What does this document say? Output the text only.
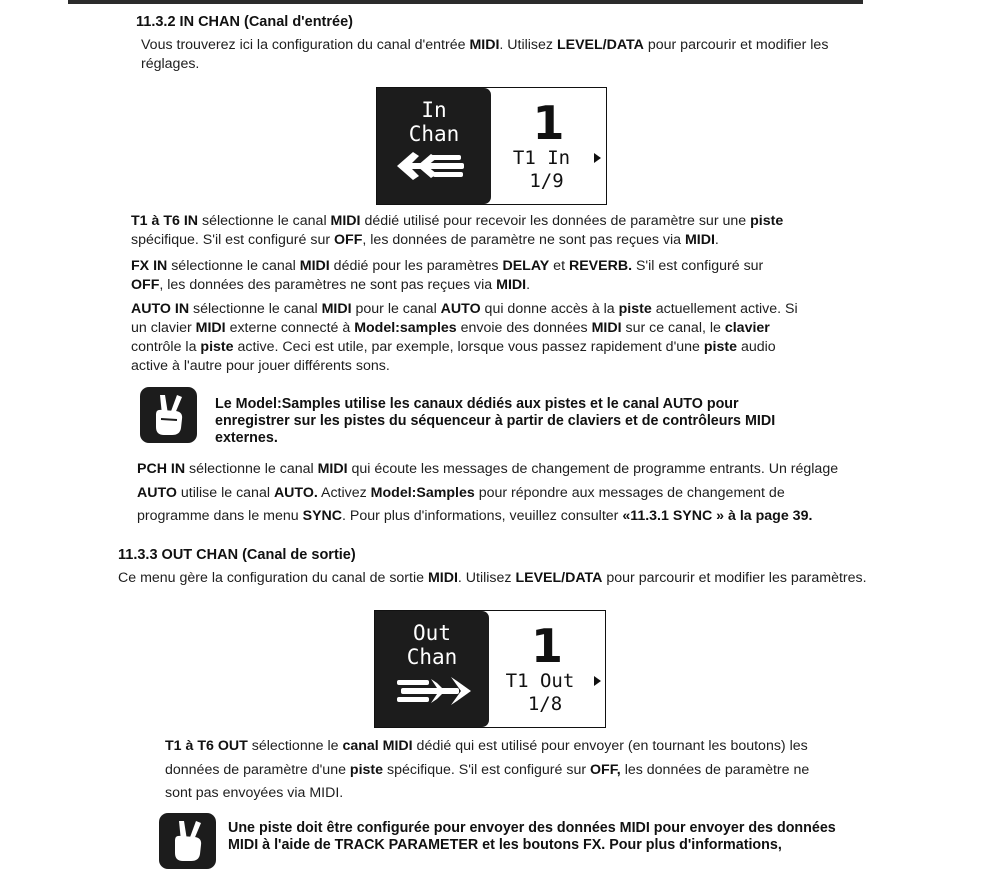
11.3.2 IN CHAN (Canal d'entrée)

Vous trouverez ici la configuration du canal d'entrée MIDI. Utilisez LEVEL/DATA pour parcourir et modifier les réglages.

In
Chan	1
T1 In
1/9

T1 à T6 IN sélectionne le canal MIDI dédié utilisé pour recevoir les données de paramètre sur une piste spécifique. S'il est configuré sur OFF, les données de paramètre ne sont pas reçues via MIDI.

FX IN sélectionne le canal MIDI dédié pour les paramètres DELAY et REVERB. S'il est configuré sur OFF, les données des paramètres ne sont pas reçues via MIDI.

AUTO IN sélectionne le canal MIDI pour le canal AUTO qui donne accès à la piste actuellement active. Si un clavier MIDI externe connecté à Model:samples envoie des données MIDI sur ce canal, le clavier contrôle la piste active. Ceci est utile, par exemple, lorsque vous passez rapidement d'une piste audio active à l'autre pour jouer différents sons.

Le Model:Samples utilise les canaux dédiés aux pistes et le canal AUTO pour enregistrer sur les pistes du séquenceur à partir de claviers et de contrôleurs MIDI externes.

PCH IN sélectionne le canal MIDI qui écoute les messages de changement de programme entrants. Un réglage AUTO utilise le canal AUTO. Activez Model:Samples pour répondre aux messages de changement de programme dans le menu SYNC. Pour plus d'informations, veuillez consulter «11.3.1 SYNC » à la page 39.

11.3.3 OUT CHAN (Canal de sortie)

Ce menu gère la configuration du canal de sortie MIDI. Utilisez LEVEL/DATA pour parcourir et modifier les paramètres.

Out
Chan	1
T1 Out
1/8

T1 à T6 OUT sélectionne le canal MIDI dédié qui est utilisé pour envoyer (en tournant les boutons) les données de paramètre d'une piste spécifique. S'il est configuré sur OFF, les données de paramètre ne sont pas envoyées via MIDI.

Une piste doit être configurée pour envoyer des données MIDI pour envoyer des données MIDI à l'aide de TRACK PARAMETER et les boutons FX. Pour plus d'informations,
